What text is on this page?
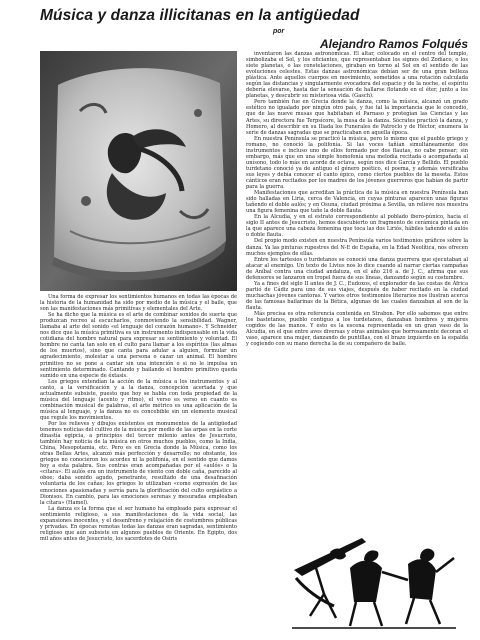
Música y danza illicitanas en la antigüedad
por
Alejandro Ramos Folqués

Una forma de expresar los sentimientos humanos en todas las épocas de la historia de la humanidad ha sido por medio de la música y el baile, que son las manifestaciones más primitivas y elementales del Arte.

Se ha dicho que la música es el arte de combinar sonidos de suerte que produzcan recreo al escucharlos, conmoviendo la sensibilidad. Wagner, llamaba al arte del sonido «el lenguaje del corazón humano». Y Schneider nos dice que la música primitiva es un instrumento indispensable en la vida cotidiana del hombre natural para expresar su sentimiento y voluntad. El hombre no canta tan solo en el culto para llamar a los espíritus (las almas de los muertos), sino que canta para adular a alguien, formular un agradecimiento, molestar a una persona o cazar un animal. El hombre primitivo no se pone a cantar sin una intención o si no le impulsa un sentimiento determinado. Cantando y bailando el hombre primitivo queda sumido en una especie de éxtasis.

Los griegos extendían la acción de la música a los instrumentos y al canto, a la versificación y a la danza, concepción acertada y que actualmente subsiste, puesto que hoy se habla con toda propiedad de la música del lenguaje (acento y ritmo), el verso es verso en cuanto es combinación musical de palabras, el arte métrico es una aplicación de la música al lenguaje, y la danza no es concebible sin un elemento musical que regule los movimientos.

Por los relieves y dibujos existentes en monumentos de la antigüedad tenemos noticias del cultivo de la música por medio de las arpas en la corte dinastía egipcia, a principios del tercer milenio antes de Jesucristo, también hay noticia de la música en otros muchos pueblos, como la India, China, Mesopotamia, etc. Pero es en Grecia donde la Música, como los otras Bellas Artes, alcanzó más perfección y desarrollo; no obstante, los griegos no conocieron los acordes ni la polifonía, en el sentido que damos hoy a esta palabra. Sus contras eran acompañadas por el «aulós» o la «cítara». El aulós era un instrumento de viento con doble caña, parecido al oboe; daba sonido agudo, penetrante, resultado de una desafinación voluntaria de los cañas; los griegos lo utilizaban «como expresión de las emociones apasionadas y servía para la glorificación del culto orgiástico a Dionisos. En cambio, para las emociones serenas y mesuradas empleaban la cítara» (Hamel).

La danza es la forma que el ser humano ha empleado para expresar el sentimiento religioso, a sus manifestaciones de la vida social, las expansiones inocentes, y el desenfreno y relajación de costumbres públicas y privadas. En épocas remotas todas las danzas eran sagradas, sentimiento religioso que aún subsiste en algunos pueblos de Oriente. En Egipto, dos mil años antes de Jesucristo, los sacerdotes de Osiris

inventaron las danzas astronómicas. El altar, colocado en el centro del templo, simbolizaba el Sol, y los oficiantes, que representaban los signos del Zodíaco, o los siete planetas, o las constelaciones, giraban en torno al Sol en el sentido de las evoluciones celestes. Estas danzas astronómicas debían ser de una gran belleza plástica. Ante aquellos cuerpos en movimiento, sometidos a una rotación calculada según las distancias y singularmente evocadora del espacio y de la noche, el espíritu debería elevarse, hasta dar la sensación de hallarse flotando en el éter, junto a los planetas, y descubrir su misteriosa vida. (Gasch).

Pero también fue en Grecia donde la danza, como la música, alcanzó un grado estético no igualado por ningún otro país, y fue tal la importancia que le concedió, que de las nueve musas que habitaban el Parnaso y protegían las Ciencias y las Artes, su directora fue Terpsícore, la musa de la danza. Sócrates practicó la danza, y Homero, al describir en su Iliada los Funerales de Patroclo y de Héctor, enumera la serie de danzas sagradas que se practicaban en aquella época.

En nuestra Península se practicó la música, pero lo mismo que el pueblo griego y romano, no conoció la polifonía. Si las voces tañían simultáneamente dos instrumentos e incluso uno de ellos formado por dos flautas, no cabe pensar; sin embargo, más que en una simple homofonía una melodía recitada o acompañada al unísono, todo lo más en acorde de octava, según nos dice García y Bellido. El pueblo turdetano conoció ya de antiguo el género poético, el poema, y además versificaba sus leyes y debía conocer el canto épico, como ciertos pueblos de la meseta. Estos cánticos eran recitados por los madres de los jóvenes guerreros que habían de partir para la guerra.

Manifestaciones que acreditan la práctica de la música en nuestra Península han sido halladas en Liria, cerca de Valencia, en cuyas pinturas aparecen unas figuras tañendo el doble aulós; y en Osuna, ciudad próxima a Sevilla, un relieve nos muestra una figura femenina que tañe la doble flauta.

En la Alcudia, y en el estrato correspondiente al poblado ibero-púnico, hacia el siglo II antes de Jesucristo, hemos descubierto un fragmento de cerámica pintada en la que aparece una cabeza femenina que toca las dos Liriós, hábiles tañendo el aulós o doble flauta.

Del propio modo existen en nuestra Península varios testimonios gráficos sobre la danza. Ya las pinturas rupestres del N-E de España, en la Edad Neolítica, nos ofrecen muchos ejemplos de ellas.

Entre los tartesios o turdetanos se conoció una danza guerrera que ejecutaban al atacar al enemigo. Un texto de Livius nos lo dice cuando al narrar ciertas campañas de Aníbal contra una ciudad andaluza, en el año 216 a. de J. C., afirma que sus defensores se lanzaron en tropel fuera de sus líneas, danzando según su costumbre.

Ya a fines del siglo II antes de J. C., Eudoxos, el explorador de las costas de África partió de Cádiz para uno de sus viajes, después de haber recitado en la ciudad muchachas jóvenes cantoras. Y varios otros testimonios literarios nos ilustran acerca de las famosas bailarinas de la Bética, algunas de las cuales danzaban al son de la flauta.

Más precisa es otra referencia contenida en Strabon. Por ello sabemos que entre los bastetanos, pueblo contiguo a los turdetanos, danzaban hombres y mujeres cogidos de las manos. Y esto es la escena representada en un gran vaso de la Alcudia, en el que entre aves diversas y otras animales que borrosamente decoran el vaso, aparece una mujer, danzando de puntillas, con el brazo izquierdo en la espalda y cogiendo con su mano derecha la de su compañero de baile.
